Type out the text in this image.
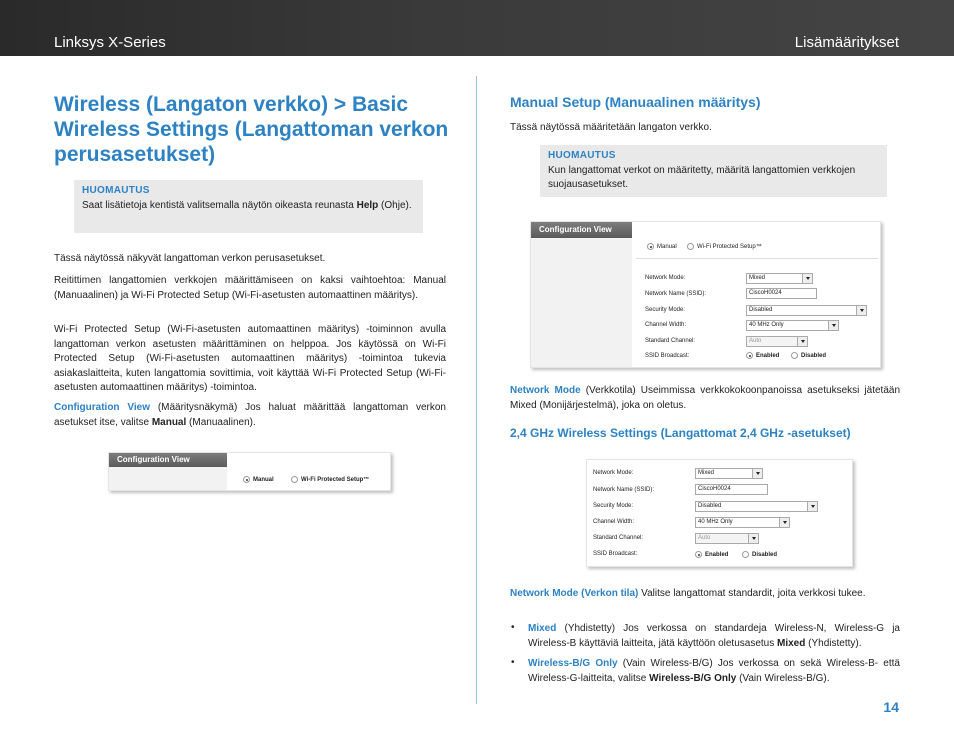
Linksys X-Series	Lisämääritykset
Wireless (Langaton verkko) > Basic Wireless Settings (Langattoman verkon perusasetukset)
HUOMAUTUS
Saat lisätietoja kentistä valitsemalla näytön oikeasta reunasta Help (Ohje).
Tässä näytössä näkyvät langattoman verkon perusasetukset.
Reitittimen langattomien verkkojen määrittämiseen on kaksi vaihtoehtoa: Manual (Manuaalinen) ja Wi-Fi Protected Setup (Wi-Fi-asetusten automaattinen määritys).
Wi-Fi Protected Setup (Wi-Fi-asetusten automaattinen määritys) -toiminnon avulla langattoman verkon asetusten määrittäminen on helppoa. Jos käytössä on Wi-Fi Protected Setup (Wi-Fi-asetusten automaattinen määritys) -toimintoa tukevia asiakaslaitteita, kuten langattomia sovittimia, voit käyttää Wi-Fi Protected Setup (Wi-Fi-asetusten automaattinen määritys) -toimintoa.
Configuration View (Määritysnäkymä) Jos haluat määrittää langattoman verkon asetukset itse, valitse Manual (Manuaalinen).
Configuration View
Manual	Wi-Fi Protected Setup™
Manual Setup (Manuaalinen määritys)
Tässä näytössä määritetään langaton verkko.
HUOMAUTUS
Kun langattomat verkot on määritetty, määritä langattomien verkkojen suojausasetukset.
Configuration View
Manual	Wi-Fi Protected Setup™
Network Mode:	Mixed
Network Name (SSID):	CiscoH0024
Security Mode:	Disabled
Channel Width:	40 MHz Only
Standard Channel:	Auto
SSID Broadcast:	Enabled	Disabled
Network Mode (Verkkotila) Useimmissa verkkokokoonpanoissa asetukseksi jätetään Mixed (Monijärjestelmä), joka on oletus.
2,4 GHz Wireless Settings (Langattomat 2,4 GHz -asetukset)
Network Mode:	Mixed
Network Name (SSID):	CiscoH0024
Security Mode:	Disabled
Channel Width:	40 MHz Only
Standard Channel:	Auto
SSID Broadcast:	Enabled	Disabled
Network Mode (Verkon tila) Valitse langattomat standardit, joita verkkosi tukee.
• Mixed (Yhdistetty) Jos verkossa on standardeja Wireless-N, Wireless-G ja Wireless-B käyttäviä laitteita, jätä käyttöön oletusasetus Mixed (Yhdistetty).
• Wireless-B/G Only (Vain Wireless-B/G) Jos verkossa on sekä Wireless-B- että Wireless-G-laitteita, valitse Wireless-B/G Only (Vain Wireless-B/G).
14
